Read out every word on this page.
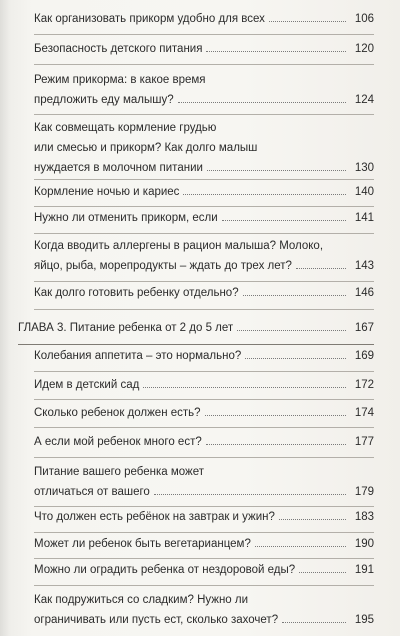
Как организовать прикорм удобно для всех	106
Безопасность детского питания	120
Режим прикорма: в какое время
предложить еду малышу?	124
Как совмещать кормление грудью
или смесью и прикорм? Как долго малыш
нуждается в молочном питании	130
Кормление ночью и кариес	140
Нужно ли отменить прикорм, если	141
Когда вводить аллергены в рацион малыша? Молоко,
яйцо, рыба, морепродукты – ждать до трех лет?	143
Как долго готовить ребенку отдельно?	146
ГЛАВА 3. Питание ребенка от 2 до 5 лет	167
Колебания аппетита – это нормально?	169
Идем в детский сад	172
Сколько ребенок должен есть?	174
А если мой ребенок много ест?	177
Питание вашего ребенка может
отличаться от вашего	179
Что должен есть ребёнок на завтрак и ужин?	183
Может ли ребенок быть вегетарианцем?	190
Можно ли оградить ребенка от нездоровой еды?	191
Как подружиться со сладким? Нужно ли
ограничивать или пусть ест, сколько захочет?	195
